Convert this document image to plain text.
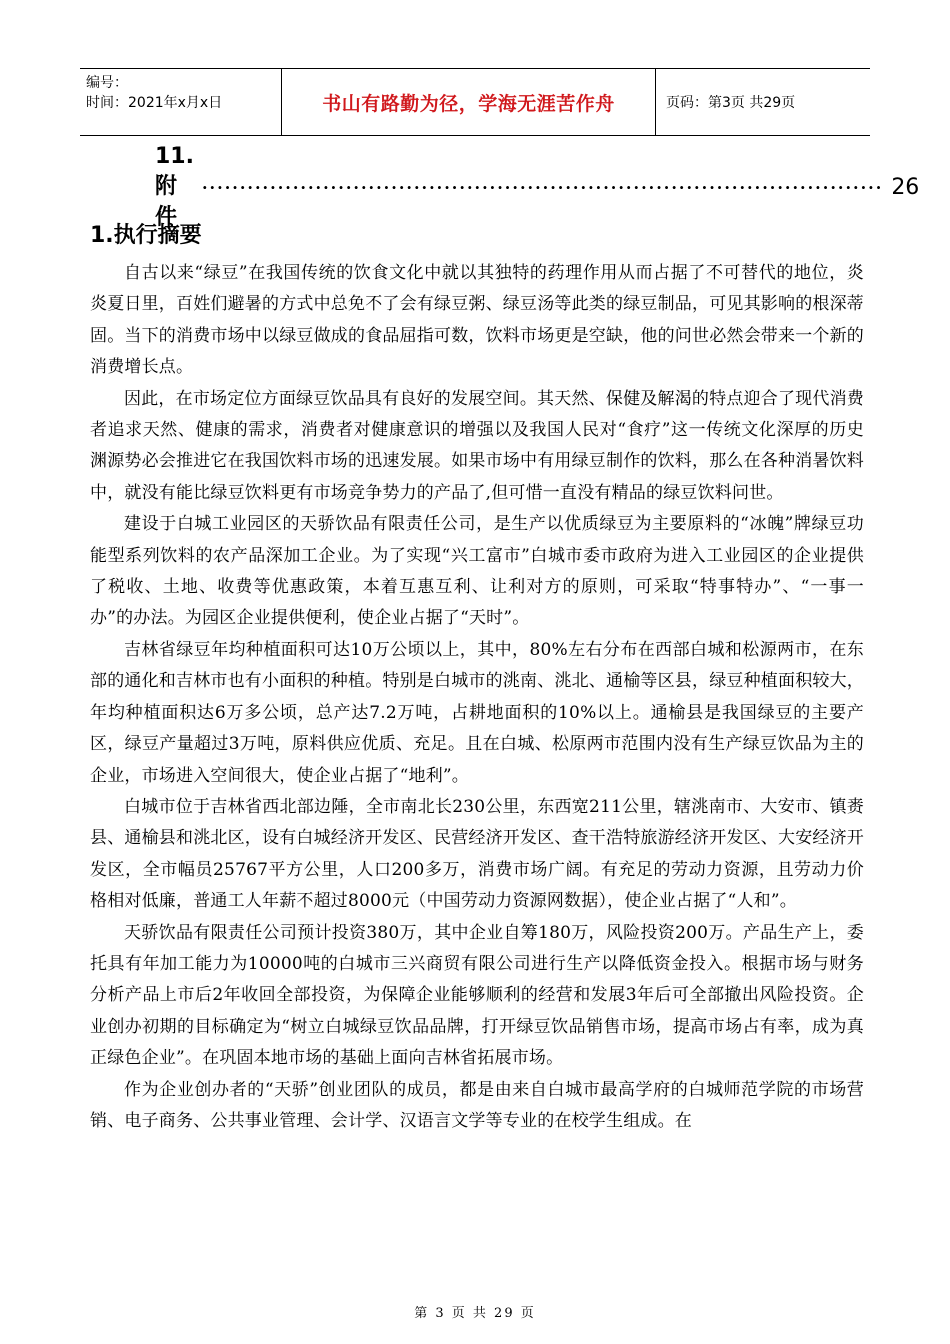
编号：
时间：2021年x月x日	书山有路勤为径，学海无涯苦作舟	页码：第3页 共29页
11.附件
·························································································· 26
1.执行摘要

自古以来“绿豆”在我国传统的饮食文化中就以其独特的药理作用从而占据了不可替代的地位，炎炎夏日里，百姓们避暑的方式中总免不了会有绿豆粥、绿豆汤等此类的绿豆制品，可见其影响的根深蒂固。当下的消费市场中以绿豆做成的食品屈指可数，饮料市场更是空缺，他的问世必然会带来一个新的消费增长点。

因此，在市场定位方面绿豆饮品具有良好的发展空间。其天然、保健及解渴的特点迎合了现代消费者追求天然、健康的需求，消费者对健康意识的增强以及我国人民对“食疗”这一传统文化深厚的历史渊源势必会推进它在我国饮料市场的迅速发展。如果市场中有用绿豆制作的饮料，那么在各种消暑饮料中，就没有能比绿豆饮料更有市场竞争势力的产品了,但可惜一直没有精品的绿豆饮料问世。

建设于白城工业园区的天骄饮品有限责任公司，是生产以优质绿豆为主要原料的“冰魄”牌绿豆功能型系列饮料的农产品深加工企业。为了实现“兴工富市”白城市委市政府为进入工业园区的企业提供了税收、土地、收费等优惠政策，本着互惠互利、让利对方的原则，可采取“特事特办”、“一事一办”的办法。为园区企业提供便利，使企业占据了“天时”。

吉林省绿豆年均种植面积可达10万公顷以上，其中，80%左右分布在西部白城和松源两市，在东部的通化和吉林市也有小面积的种植。特别是白城市的洮南、洮北、通榆等区县，绿豆种植面积较大，年均种植面积达6万多公顷，总产达7.2万吨，占耕地面积的10%以上。通榆县是我国绿豆的主要产区，绿豆产量超过3万吨，原料供应优质、充足。且在白城、松原两市范围内没有生产绿豆饮品为主的企业，市场进入空间很大，使企业占据了“地利”。

白城市位于吉林省西北部边陲，全市南北长230公里，东西宽211公里，辖洮南市、大安市、镇赉县、通榆县和洮北区，设有白城经济开发区、民营经济开发区、查干浩特旅游经济开发区、大安经济开发区，全市幅员25767平方公里，人口200多万，消费市场广阔。有充足的劳动力资源，且劳动力价格相对低廉，普通工人年薪不超过8000元（中国劳动力资源网数据），使企业占据了“人和”。

天骄饮品有限责任公司预计投资380万，其中企业自筹180万，风险投资200万。产品生产上，委托具有年加工能力为10000吨的白城市三兴商贸有限公司进行生产以降低资金投入。根据市场与财务分析产品上市后2年收回全部投资，为保障企业能够顺利的经营和发展3年后可全部撤出风险投资。企业创办初期的目标确定为“树立白城绿豆饮品品牌，打开绿豆饮品销售市场，提高市场占有率，成为真正绿色企业”。在巩固本地市场的基础上面向吉林省拓展市场。

作为企业创办者的“天骄”创业团队的成员，都是由来自白城市最高学府的白城师范学院的市场营销、电子商务、公共事业管理、会计学、汉语言文学等专业的在校学生组成。在

第 3 页 共 29 页
